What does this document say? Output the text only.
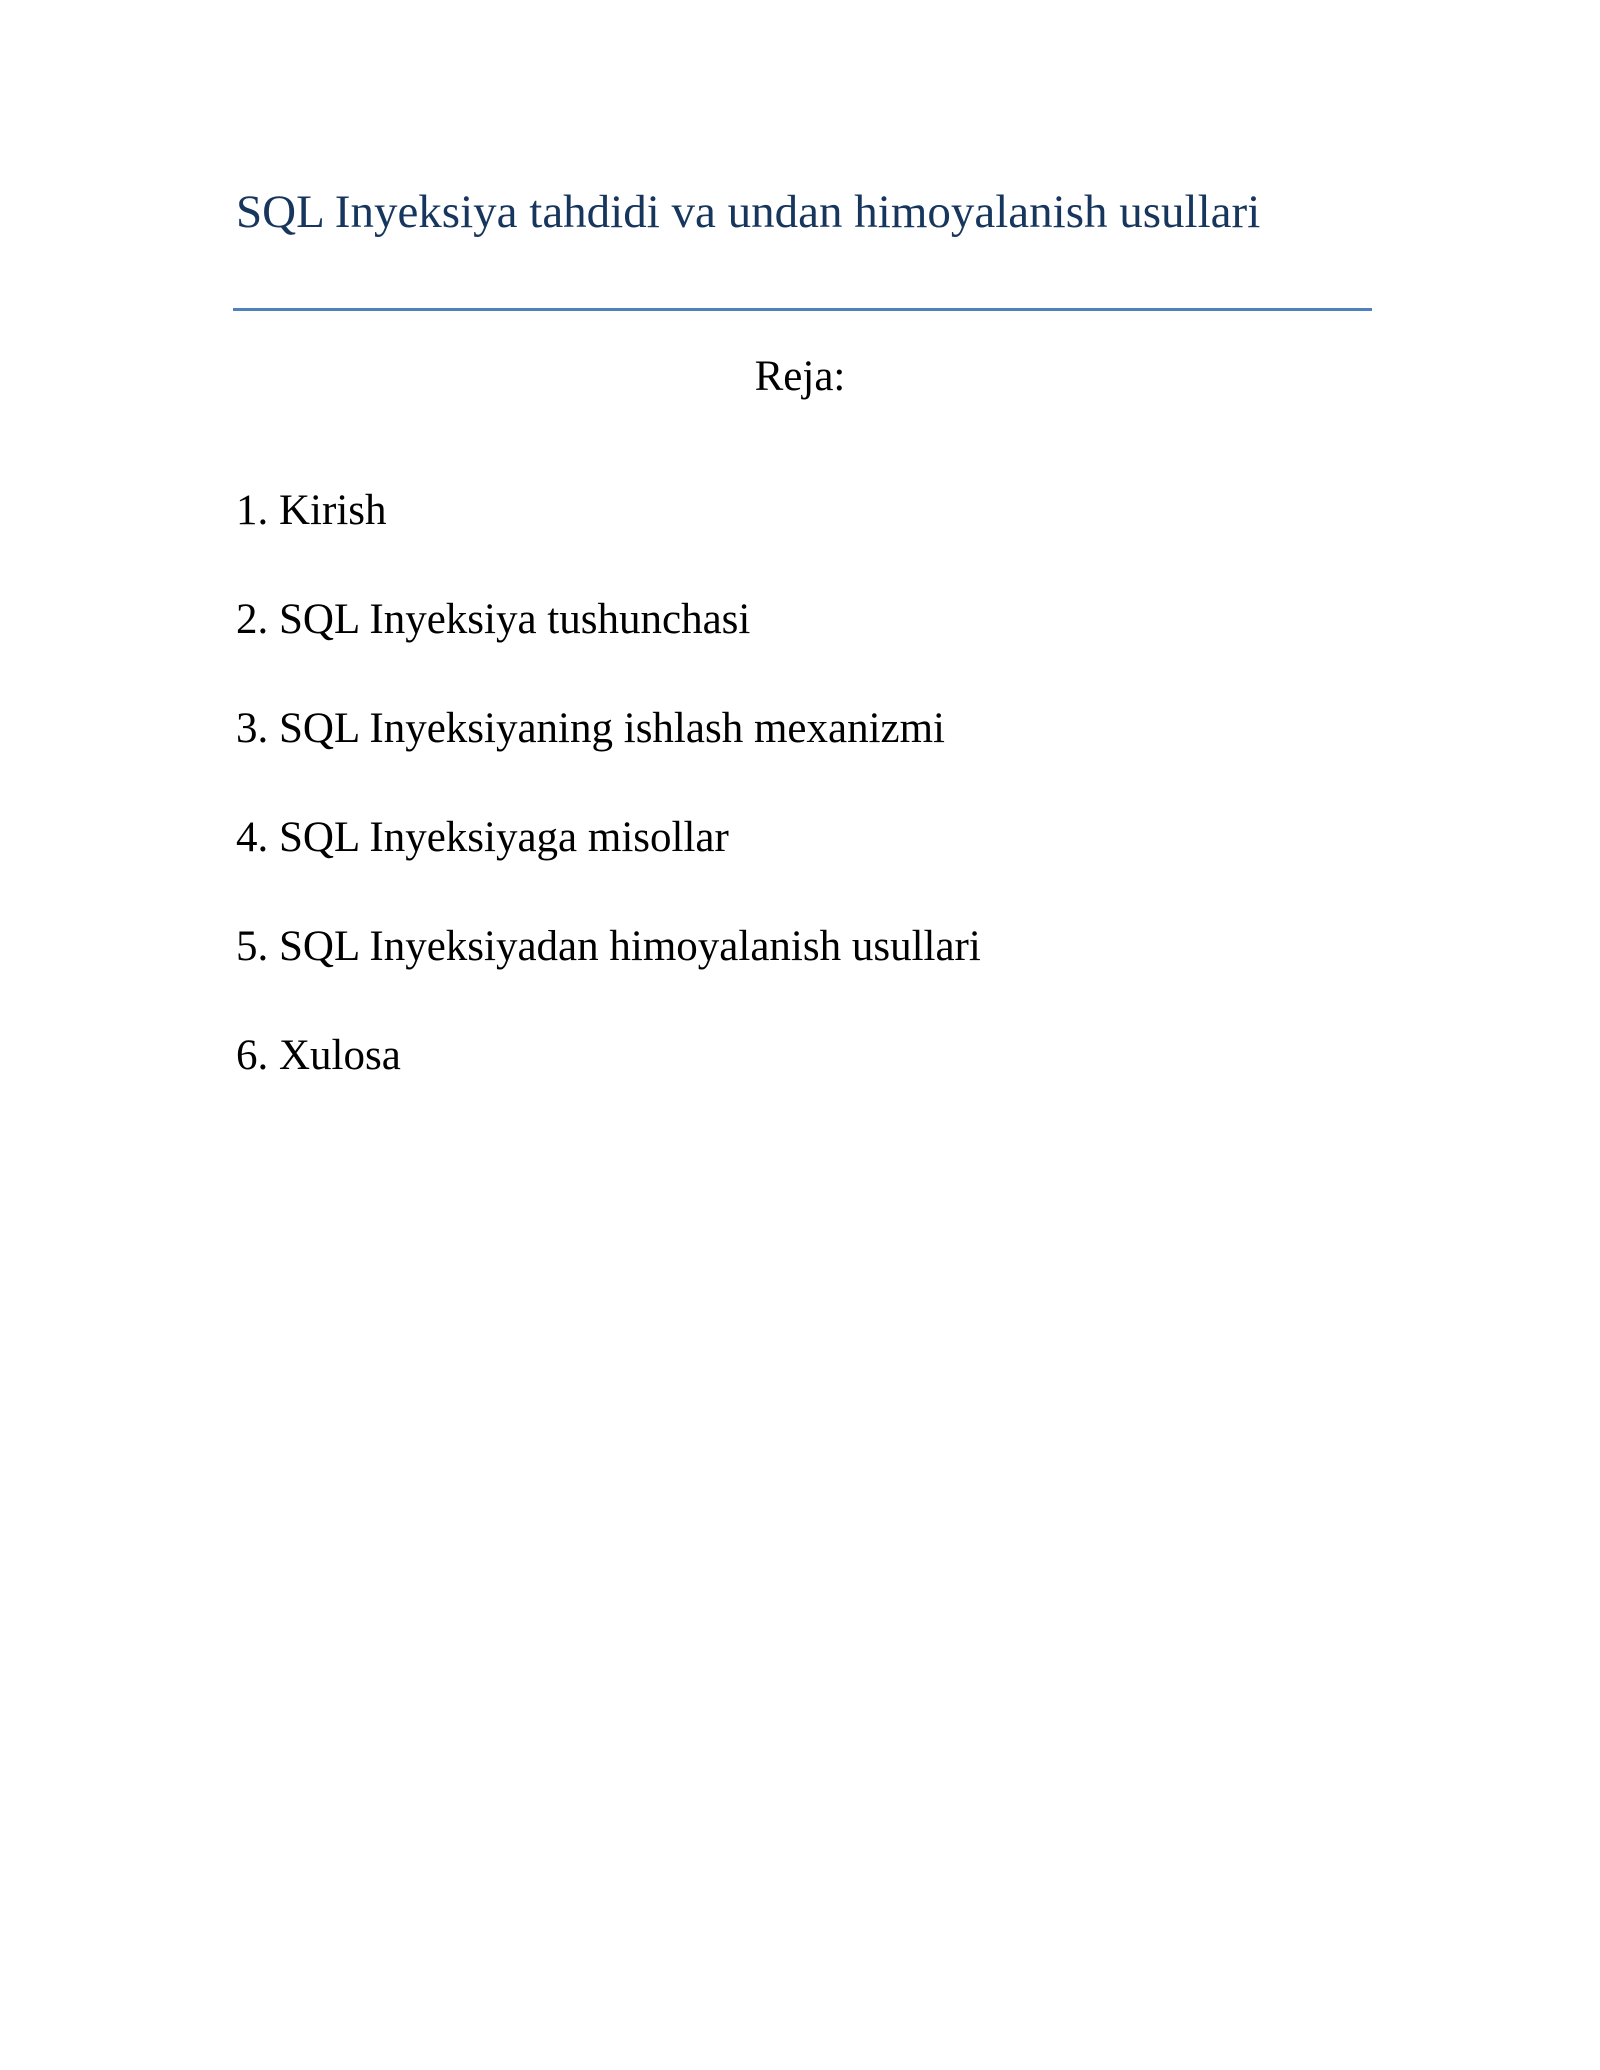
SQL Inyeksiya tahdidi va undan himoyalanish usullari
Reja:
1. Kirish
2. SQL Inyeksiya tushunchasi
3. SQL Inyeksiyaning ishlash mexanizmi
4. SQL Inyeksiyaga misollar
5. SQL Inyeksiyadan himoyalanish usullari
6. Xulosa
